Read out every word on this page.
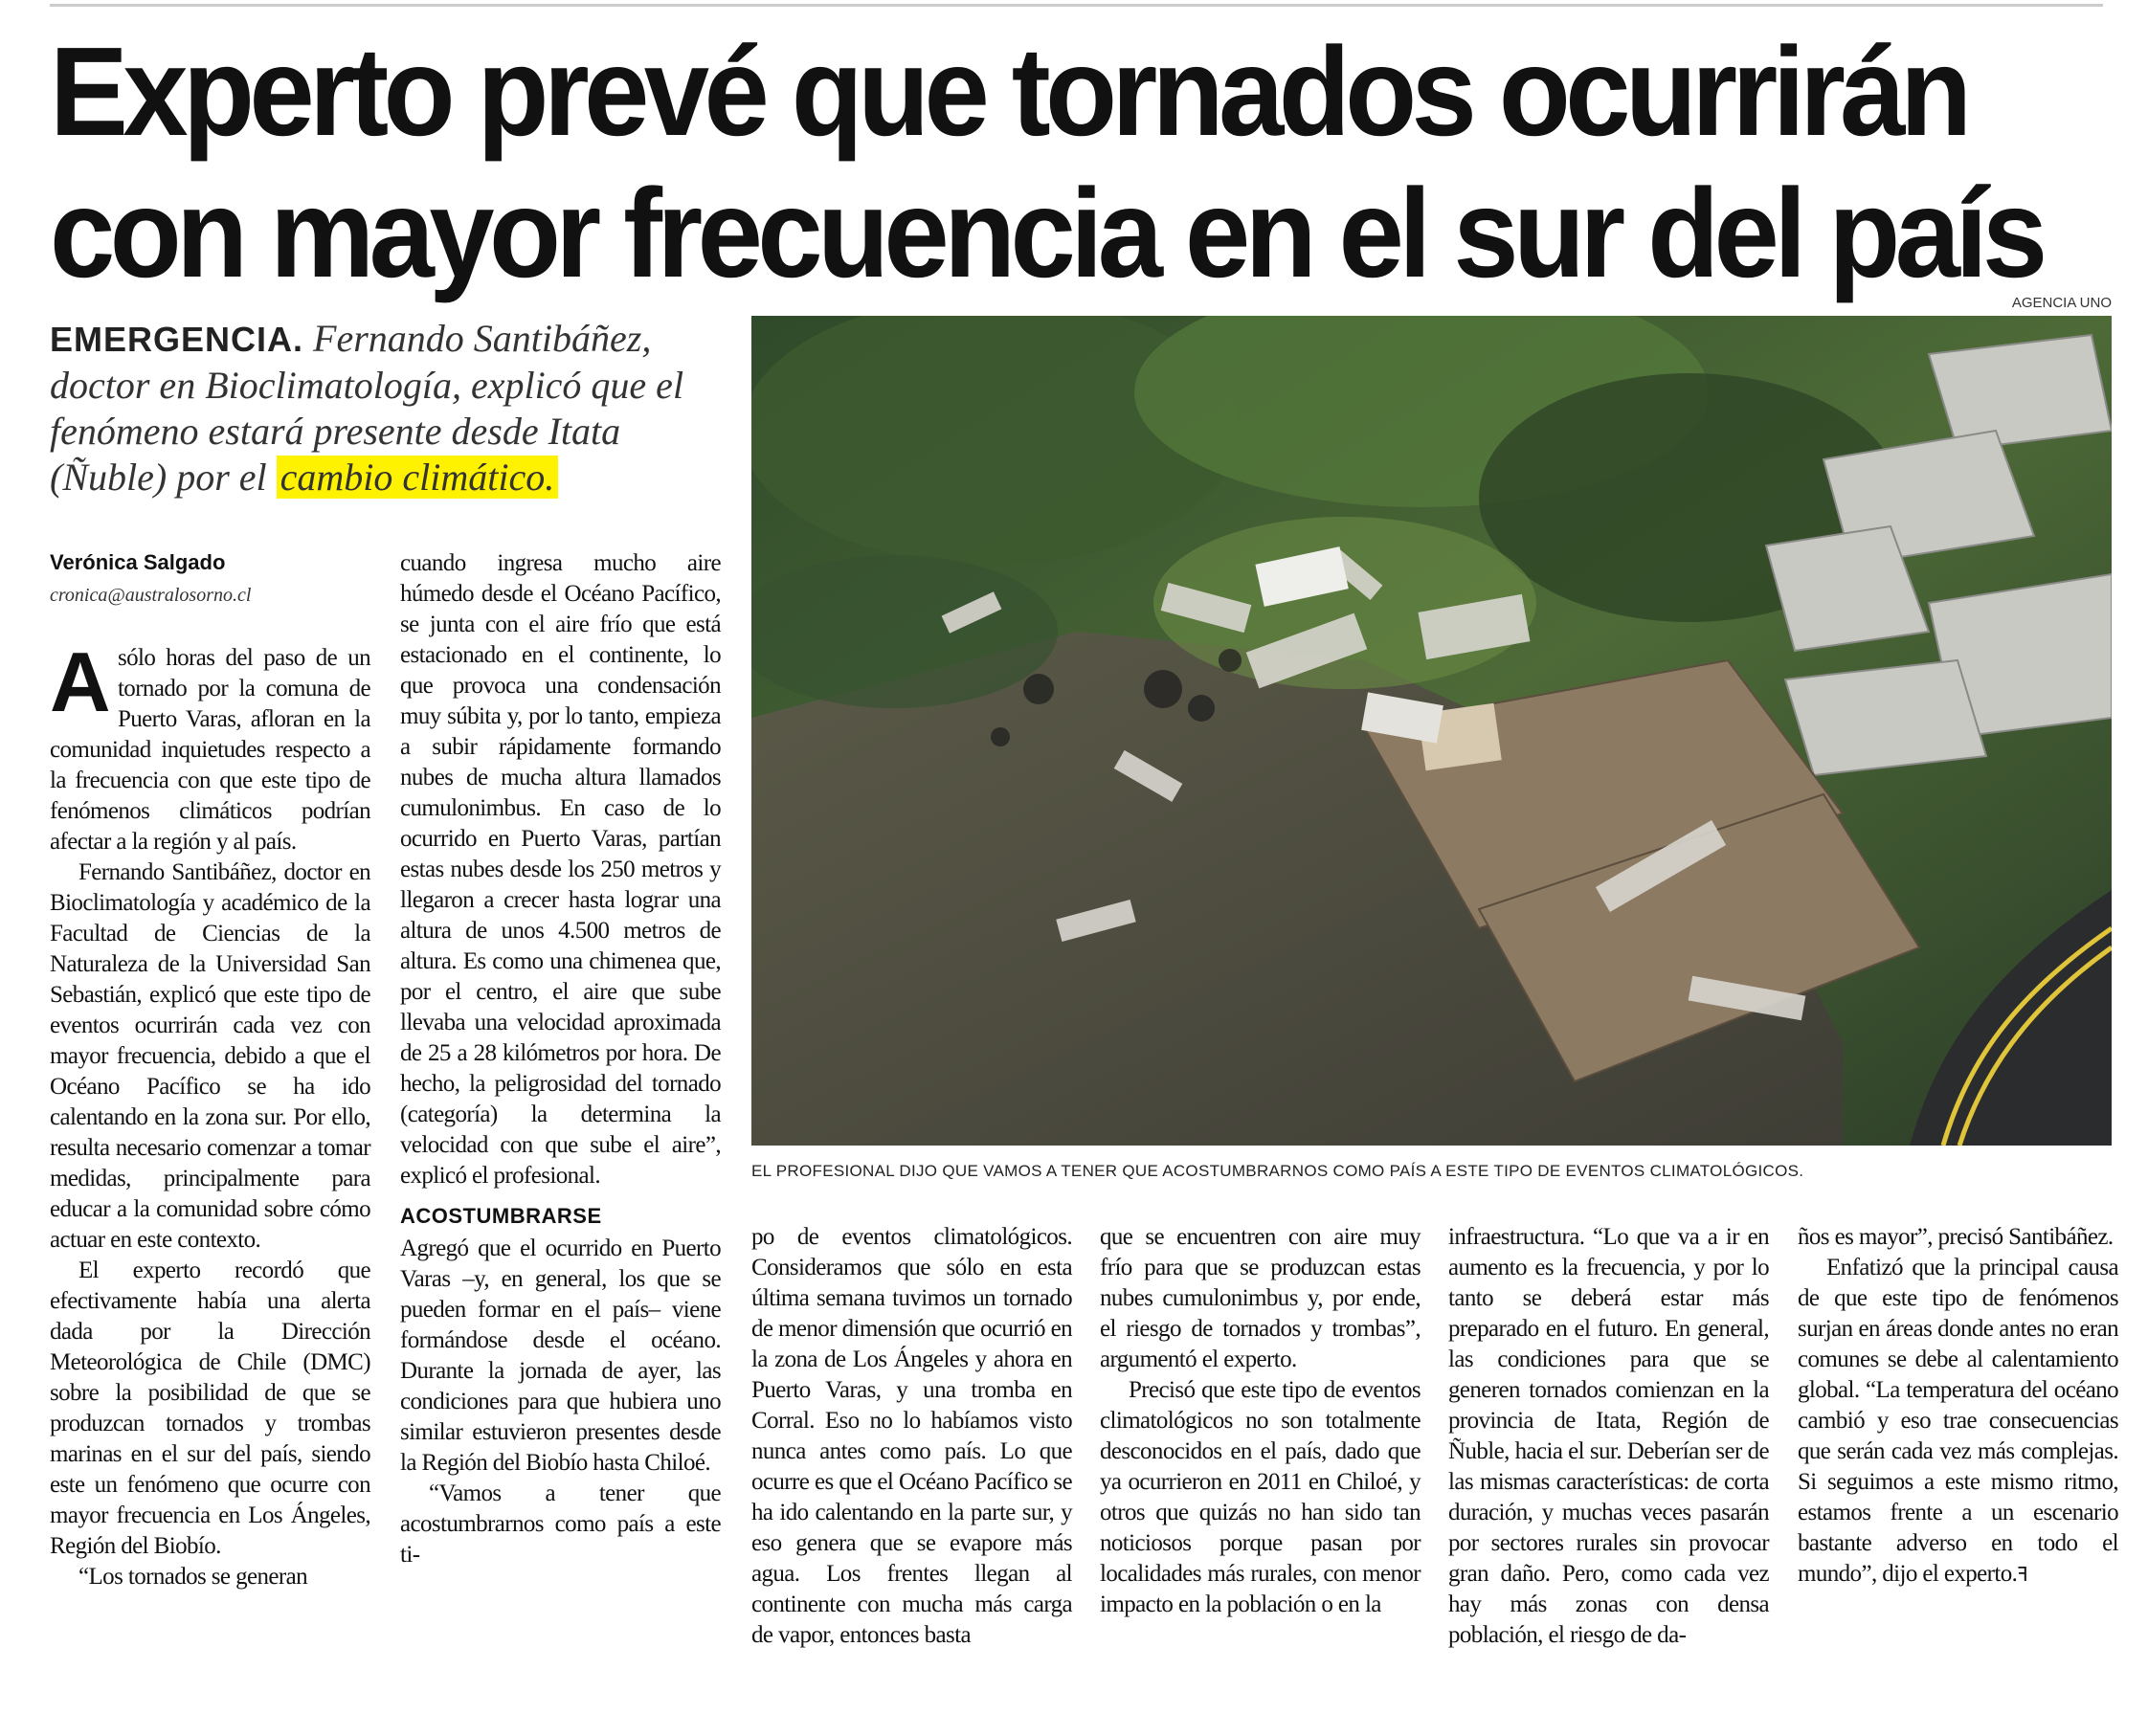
Experto prevé que tornados ocurrirán
con mayor frecuencia en el sur del país

EMERGENCIA. Fernando Santibáñez, doctor en Bioclimatología, explicó que el fenómeno estará presente desde Itata (Ñuble) por el cambio climático.

Verónica Salgado
cronica@australosorno.cl
AGENCIA UNO
EL PROFESIONAL DIJO QUE VAMOS A TENER QUE ACOSTUMBRARNOS COMO PAÍS A ESTE TIPO DE EVENTOS CLIMATOLÓGICOS.

Asólo horas del paso de un tornado por la comuna de Puerto Varas, afloran en la comunidad inquietudes respecto a la frecuencia con que este tipo de fenómenos climáticos podrían afectar a la región y al país.

Fernando Santibáñez, doctor en Bioclimatología y académico de la Facultad de Ciencias de la Naturaleza de la Universidad San Sebastián, explicó que este tipo de eventos ocurrirán cada vez con mayor frecuencia, debido a que el Océano Pacífico se ha ido calentando en la zona sur. Por ello, resulta necesario comenzar a tomar medidas, principalmente para educar a la comunidad sobre cómo actuar en este contexto.

El experto recordó que efectivamente había una alerta dada por la Dirección Meteorológica de Chile (DMC) sobre la posibilidad de que se produzcan tornados y trombas marinas en el sur del país, siendo este un fenómeno que ocurre con mayor frecuencia en Los Ángeles, Región del Biobío.

“Los tornados se generan

cuando ingresa mucho aire húmedo desde el Océano Pacífico, se junta con el aire frío que está estacionado en el continente, lo que provoca una condensación muy súbita y, por lo tanto, empieza a subir rápidamente formando nubes de mucha altura llamados cumulonimbus. En caso de lo ocurrido en Puerto Varas, partían estas nubes desde los 250 metros y llegaron a crecer hasta lograr una altura de unos 4.500 metros de altura. Es como una chimenea que, por el centro, el aire que sube llevaba una velocidad aproximada de 25 a 28 kilómetros por hora. De hecho, la peligrosidad del tornado (categoría) la determina la velocidad con que sube el aire”, explicó el profesional.

ACOSTUMBRARSE

Agregó que el ocurrido en Puerto Varas –y, en general, los que se pueden formar en el país– viene formándose desde el océano. Durante la jornada de ayer, las condiciones para que hubiera uno similar estuvieron presentes desde la Región del Biobío hasta Chiloé.

“Vamos a tener que acostumbrarnos como país a este ti-

po de eventos climatológicos. Consideramos que sólo en esta última semana tuvimos un tornado de menor dimensión que ocurrió en la zona de Los Ángeles y ahora en Puerto Varas, y una tromba en Corral. Eso no lo habíamos visto nunca antes como país. Lo que ocurre es que el Océano Pacífico se ha ido calentando en la parte sur, y eso genera que se evapore más agua. Los frentes llegan al continente con mucha más carga de vapor, entonces basta

que se encuentren con aire muy frío para que se produzcan estas nubes cumulonimbus y, por ende, el riesgo de tornados y trombas”, argumentó el experto.

Precisó que este tipo de eventos climatológicos no son totalmente desconocidos en el país, dado que ya ocurrieron en 2011 en Chiloé, y otros que quizás no han sido tan noticiosos porque pasan por localidades más rurales, con menor impacto en la población o en la

infraestructura. “Lo que va a ir en aumento es la frecuencia, y por lo tanto se deberá estar más preparado en el futuro. En general, las condiciones para que se generen tornados comienzan en la provincia de Itata, Región de Ñuble, hacia el sur. Deberían ser de las mismas características: de corta duración, y muchas veces pasarán por sectores rurales sin provocar gran daño. Pero, como cada vez hay más zonas con densa población, el riesgo de da-

ños es mayor”, precisó Santibáñez.

Enfatizó que la principal causa de que este tipo de fenómenos surjan en áreas donde antes no eran comunes se debe al calentamiento global. “La temperatura del océano cambió y eso trae consecuencias que serán cada vez más complejas. Si seguimos a este mismo ritmo, estamos frente a un escenario bastante adverso en todo el mundo”, dijo el experto.ꟻ
